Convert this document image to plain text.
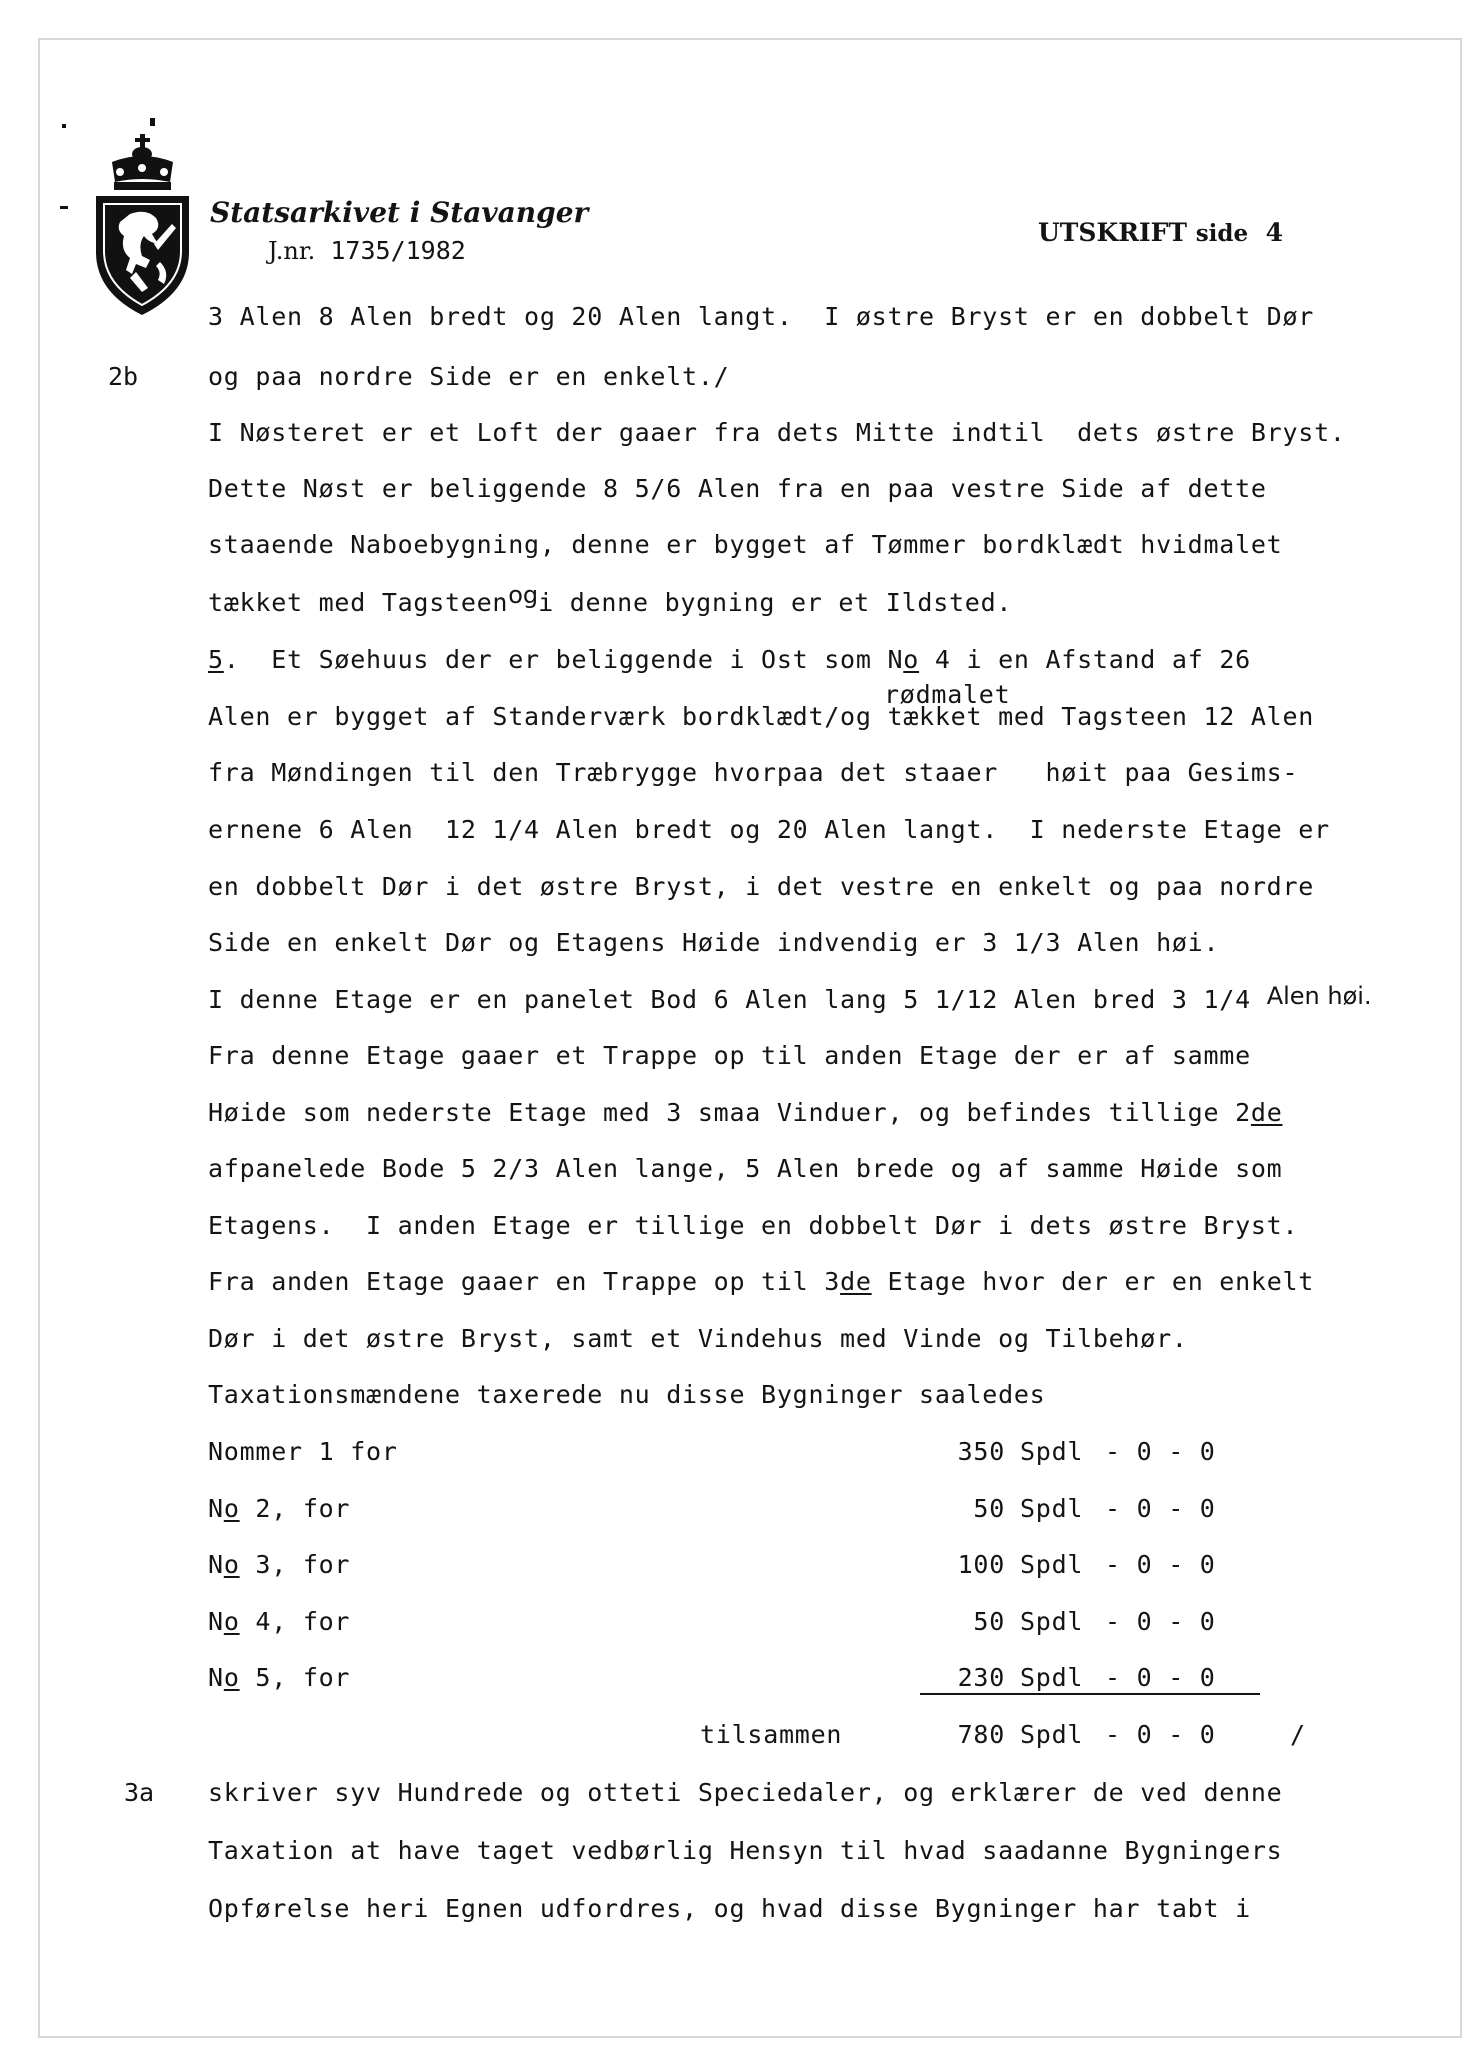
Statsarkivet i Stavanger
J.nr. 1735/1982
UTSKRIFT side 4
2b
3a
3 Alen 8 Alen bredt og 20 Alen langt.  I østre Bryst er en dobbelt Dør
og paa nordre Side er en enkelt./
I Nøsteret er et Loft der gaaer fra dets Mitte indtil  dets østre Bryst.
Dette Nøst er beliggende 8 5/6 Alen fra en paa vestre Side af dette
staaende Naboebygning, denne er bygget af Tømmer bordklædt hvidmalet
tækket med Tagsteenogi denne bygning er et Ildsted.
5.  Et Søehuus der er beliggende i Ost som No 4 i en Afstand af 26
rødmalet
Alen er bygget af Standerværk bordklædt/og tækket med Tagsteen 12 Alen
fra Møndingen til den Træbrygge hvorpaa det staaer   høit paa Gesims-
ernene 6 Alen  12 1/4 Alen bredt og 20 Alen langt.  I nederste Etage er
en dobbelt Dør i det østre Bryst, i det vestre en enkelt og paa nordre
Side en enkelt Dør og Etagens Høide indvendig er 3 1/3 Alen høi.
I denne Etage er en panelet Bod 6 Alen lang 5 1/12 Alen bred 3 1/4 Alen høi.
Fra denne Etage gaaer et Trappe op til anden Etage der er af samme
Høide som nederste Etage med 3 smaa Vinduer, og befindes tillige 2de
afpanelede Bode 5 2/3 Alen lange, 5 Alen brede og af samme Høide som
Etagens.  I anden Etage er tillige en dobbelt Dør i dets østre Bryst.
Fra anden Etage gaaer en Trappe op til 3de Etage hvor der er en enkelt
Dør i det østre Bryst, samt et Vindehus med Vinde og Tilbehør.
Taxationsmændene taxerede nu disse Bygninger saaledes
Nommer 1 for	350 Spdl - 0 - 0
No 2, for	50 Spdl - 0 - 0
No 3, for	100 Spdl - 0 - 0
No 4, for	50 Spdl - 0 - 0
No 5, for	230 Spdl - 0 - 0
tilsammen	780 Spdl - 0 - 0	/
skriver syv Hundrede og otteti Speciedaler, og erklærer de ved denne
Taxation at have taget vedbørlig Hensyn til hvad saadanne Bygningers
Opførelse heri Egnen udfordres, og hvad disse Bygninger har tabt i
